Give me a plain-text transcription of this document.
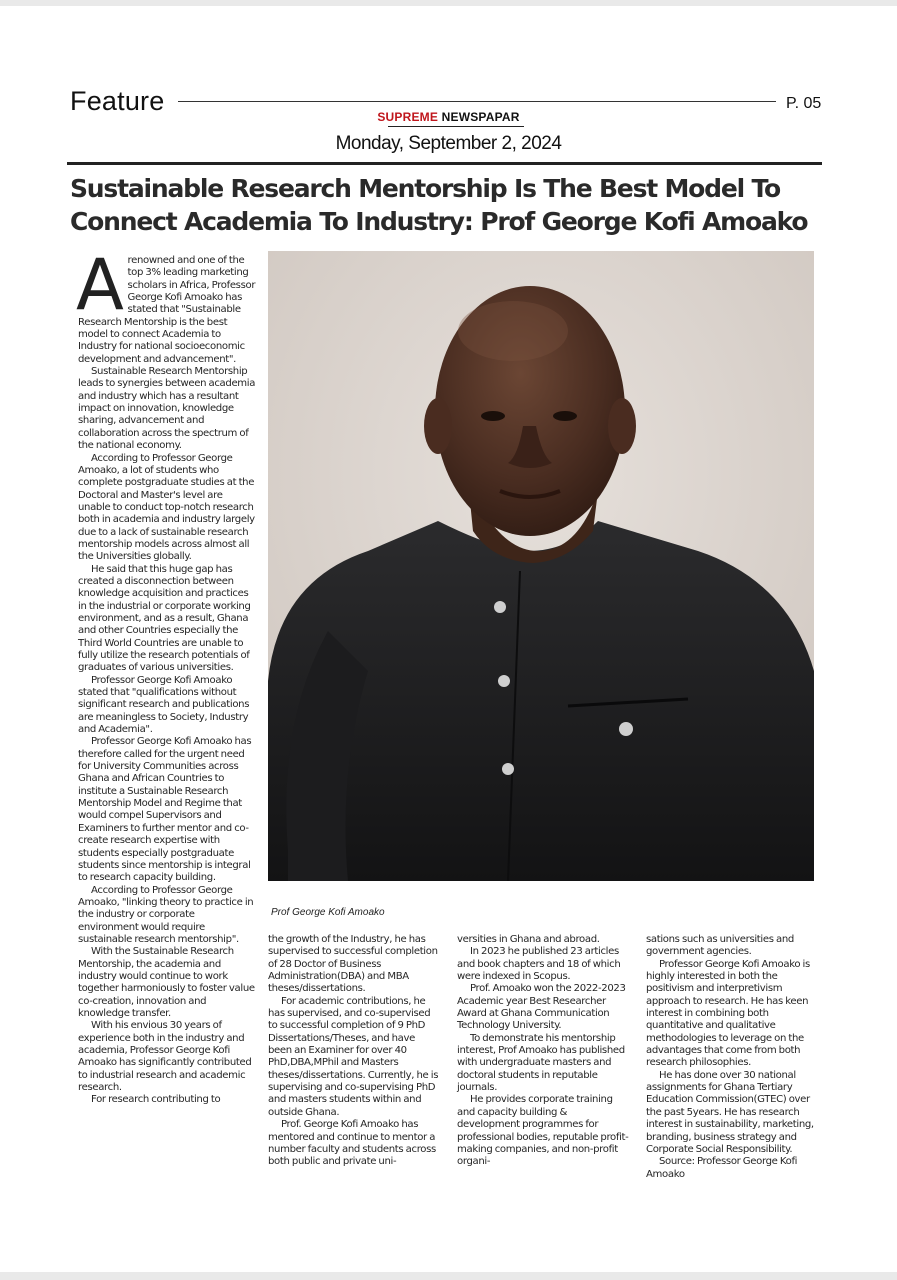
Feature	P. 05
SUPREME NEWSPAPAR
Monday, September 2, 2024
Sustainable Research Mentorship Is The Best Model To
Connect Academia To Industry: Prof George Kofi Amoako
A renowned and one of the top 3% leading marketing scholars in Africa, Professor George Kofi Amoako has stated that "Sustainable Research Mentorship is the best model to connect Academia to Industry for national socioeconomic development and advancement".

Sustainable Research Mentorship leads to synergies between academia and industry which has a resultant impact on innovation, knowledge sharing, advancement and collaboration across the spectrum of the national economy.

According to Professor George Amoako, a lot of students who complete postgraduate studies at the Doctoral and Master's level are unable to conduct top-notch research both in academia and industry largely due to a lack of sustainable research mentorship models across almost all the Universities globally.

He said that this huge gap has created a disconnection between knowledge acquisition and practices in the industrial or corporate working environment, and as a result, Ghana and other Countries especially the Third World Countries are unable to fully utilize the research potentials of graduates of various universities.

Professor George Kofi Amoako stated that "qualifications without significant research and publications are meaningless to Society, Industry and Academia".

Professor George Kofi Amoako has therefore called for the urgent need for University Communities across Ghana and African Countries to institute a Sustainable Research Mentorship Model and Regime that would compel Supervisors and Examiners to further mentor and co-create research expertise with students especially postgraduate students since mentorship is integral to research capacity building.

According to Professor George Amoako, "linking theory to practice in the industry or corporate environment would require sustainable research mentorship".

With the Sustainable Research Mentorship, the academia and industry would continue to work together harmoniously to foster value co-creation, innovation and knowledge transfer.

With his envious 30 years of experience both in the industry and academia, Professor George Kofi Amoako has significantly contributed to industrial research and academic research.

For research contributing to

Prof George Kofi Amoako

the growth of the Industry, he has supervised to successful completion of 28 Doctor of Business Administration(DBA) and MBA theses/dissertations.

For academic contributions, he has supervised, and co-supervised to successful completion of 9 PhD Dissertations/Theses, and have been an Examiner for over 40 PhD,DBA,MPhil and Masters theses/dissertations. Currently, he is supervising and co-supervising PhD and masters students within and outside Ghana.

Prof. George Kofi Amoako has mentored and continue to mentor a number faculty and students across both public and private uni-

versities in Ghana and abroad.

In 2023 he published 23 articles and book chapters and 18 of which were indexed in Scopus.

Prof. Amoako won the 2022-2023 Academic year Best Researcher Award at Ghana Communication Technology University.

To demonstrate his mentorship interest, Prof Amoako has published with undergraduate masters and doctoral students in reputable journals.

He provides corporate training and capacity building & development programmes for professional bodies, reputable profit-making companies, and non-profit organi-

sations such as universities and government agencies.

Professor George Kofi Amoako is highly interested in both the positivism and interpretivism approach to research. He has keen interest in combining both quantitative and qualitative methodologies to leverage on the advantages that come from both research philosophies.

He has done over 30 national assignments for Ghana Tertiary Education Commission(GTEC) over the past 5years. He has research interest in sustainability, marketing, branding, business strategy and Corporate Social Responsibility.

Source: Professor George Kofi Amoako
